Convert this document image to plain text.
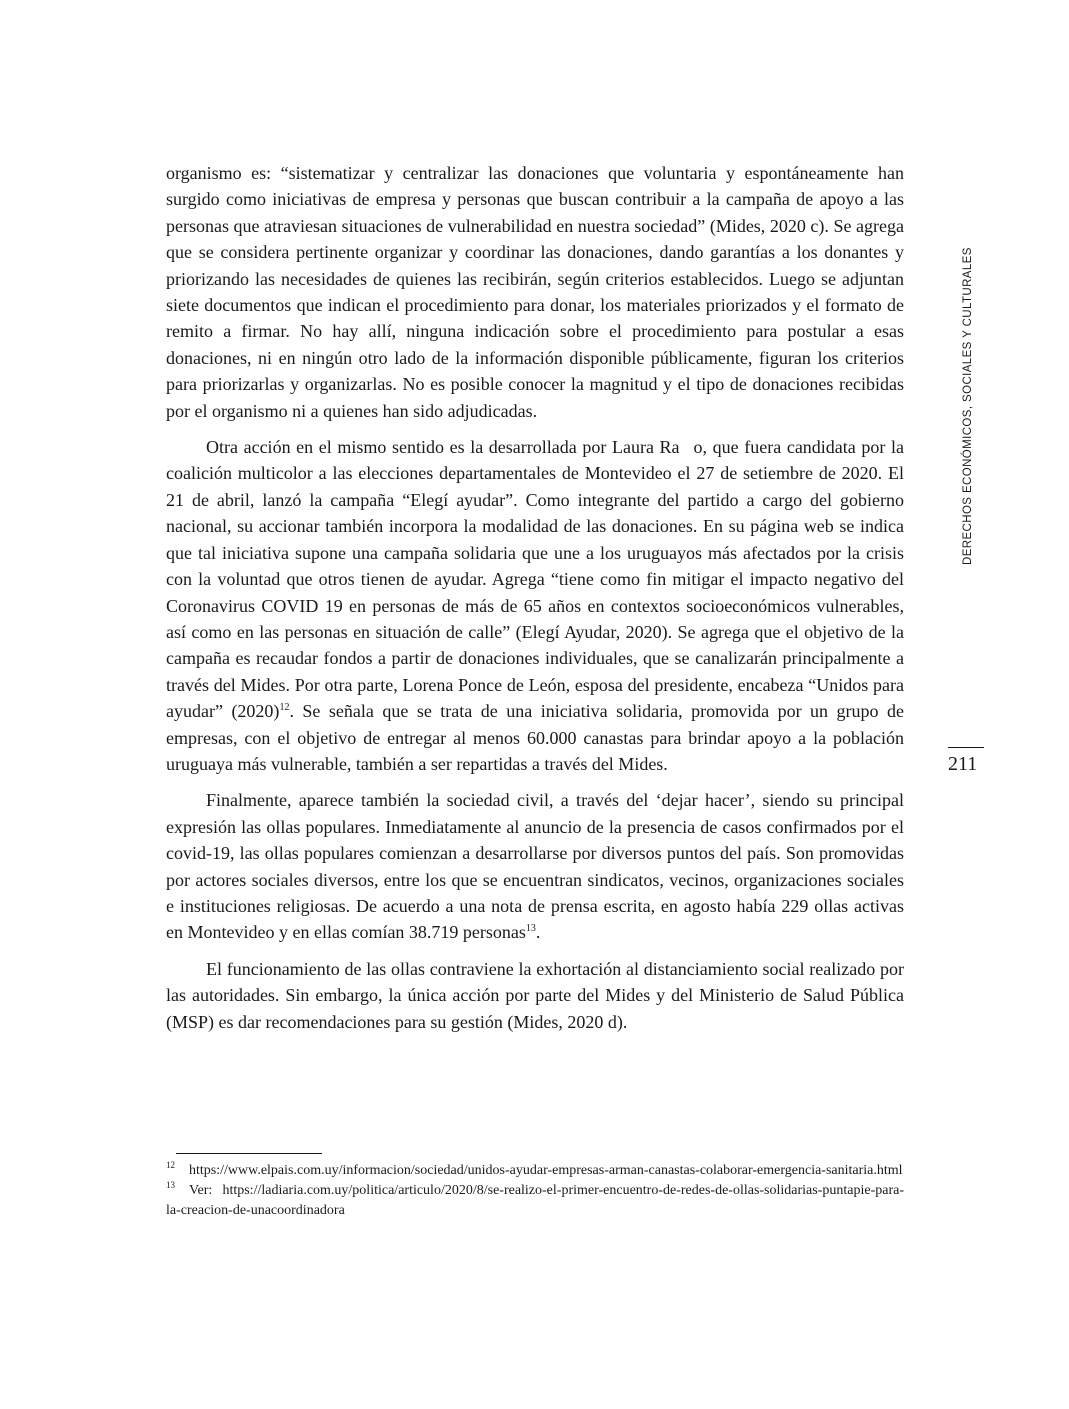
organismo es: “sistematizar y centralizar las donaciones que voluntaria y espontáneamente han surgido como iniciativas de empresa y personas que buscan contribuir a la campaña de apoyo a las personas que atraviesan situaciones de vulnerabilidad en nuestra sociedad” (Mides, 2020 c). Se agrega que se considera pertinente organizar y coordinar las donaciones, dando garantías a los donantes y priorizando las necesidades de quienes las recibirán, según criterios establecidos. Luego se adjuntan siete documentos que indican el procedimiento para donar, los materiales priorizados y el formato de remito a firmar. No hay allí, ninguna indicación sobre el procedimiento para postular a esas donaciones, ni en ningún otro lado de la información disponible públicamente, figuran los criterios para priorizarlas y organizarlas. No es posible conocer la magnitud y el tipo de donaciones recibidas por el organismo ni a quienes han sido adjudicadas.

Otra acción en el mismo sentido es la desarrollada por Laura Ra o, que fuera candidata por la coalición multicolor a las elecciones departamentales de Montevideo el 27 de setiembre de 2020. El 21 de abril, lanzó la campaña “Elegí ayudar”. Como integrante del partido a cargo del gobierno nacional, su accionar también incorpora la modalidad de las donaciones. En su página web se indica que tal iniciativa supone una campaña solidaria que une a los uruguayos más afectados por la crisis con la voluntad que otros tienen de ayudar. Agrega “tiene como fin mitigar el impacto negativo del Coronavirus COVID 19 en personas de más de 65 años en contextos socioeconómicos vulnerables, así como en las personas en situación de calle” (Elegí Ayudar, 2020). Se agrega que el objetivo de la campaña es recaudar fondos a partir de donaciones individuales, que se canalizarán principalmente a través del Mides. Por otra parte, Lorena Ponce de León, esposa del presidente, encabeza “Unidos para ayudar” $(2020)^{12}$. Se señala que se trata de una iniciativa solidaria, promovida por un grupo de empresas, con el objetivo de entregar al menos 60.000 canastas para brindar apoyo a la población uruguaya más vulnerable, también a ser repartidas a través del Mides.

Finalmente, aparece también la sociedad civil, a través del ‘dejar hacer’, siendo su principal expresión las ollas populares. Inmediatamente al anuncio de la presencia de casos confirmados por el covid-19, las ollas populares comienzan a desarrollarse por diversos puntos del país. Son promovidas por actores sociales diversos, entre los que se encuentran sindicatos, vecinos, organizaciones sociales e instituciones religiosas. De acuerdo a una nota de prensa escrita, en agosto había 229 ollas activas en Montevideo y en ellas comían 38.719 personas$^{13}$.

El funcionamiento de las ollas contraviene la exhortación al distanciamiento social realizado por las autoridades. Sin embargo, la única acción por parte del Mides y del Ministerio de Salud Pública (MSP) es dar recomendaciones para su gestión (Mides, 2020 d).

$^{12}$ https://www.elpais.com.uy/informacion/sociedad/unidos-ayudar-empresas-arman-canastas-colaborar-emergencia-sanitaria.html

$^{13}$ Ver: https://ladiaria.com.uy/politica/articulo/2020/8/se-realizo-el-primer-encuentro-de-redes-de-ollas-solidarias-puntapie-para-la-creacion-de-unacoordinadora

DERECHOS ECONÓMICOS, SOCIALES Y CULTURALES
211
